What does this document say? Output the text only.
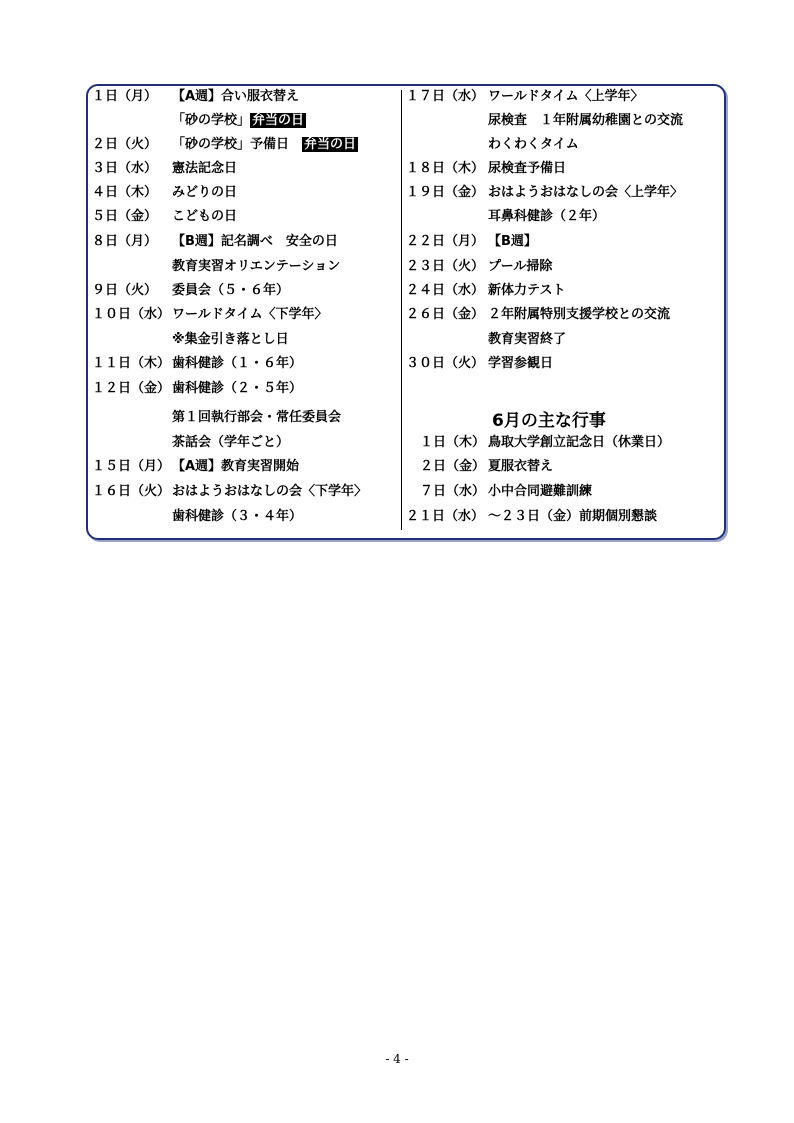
１日（月） 【A週】合い服衣替え
「砂の学校」 弁当の日
２日（火） 「砂の学校」予備日　弁当の日
３日（水） 憲法記念日
４日（木） みどりの日
５日（金） こどもの日
８日（月） 【B週】記名調べ　安全の日
教育実習オリエンテーション
９日（火） 委員会（５・６年）
１０日（水） ワールドタイム〈下学年〉
※集金引き落とし日
１１日（木） 歯科健診（１・６年）
１２日（金） 歯科健診（２・５年）
第１回執行部会・常任委員会
茶話会（学年ごと）
１５日（月） 【A週】教育実習開始
１６日（火） おはようおはなしの会〈下学年〉
歯科健診（３・４年）
１７日（水） ワールドタイム〈上学年〉
尿検査　１年附属幼稚園との交流
わくわくタイム
１８日（木） 尿検査予備日
１９日（金） おはようおはなしの会〈上学年〉
耳鼻科健診（２年）
２２日（月） 【B週】
２３日（火） プール掃除
２４日（水） 新体力テスト
２６日（金） ２年附属特別支援学校との交流
教育実習終了
３０日（火） 学習参観日
6月の主な行事
１日（木） 鳥取大学創立記念日（休業日）
２日（金） 夏服衣替え
７日（水） 小中合同避難訓練
２１日（水） ～２３日（金）前期個別懇談
- 4 -
